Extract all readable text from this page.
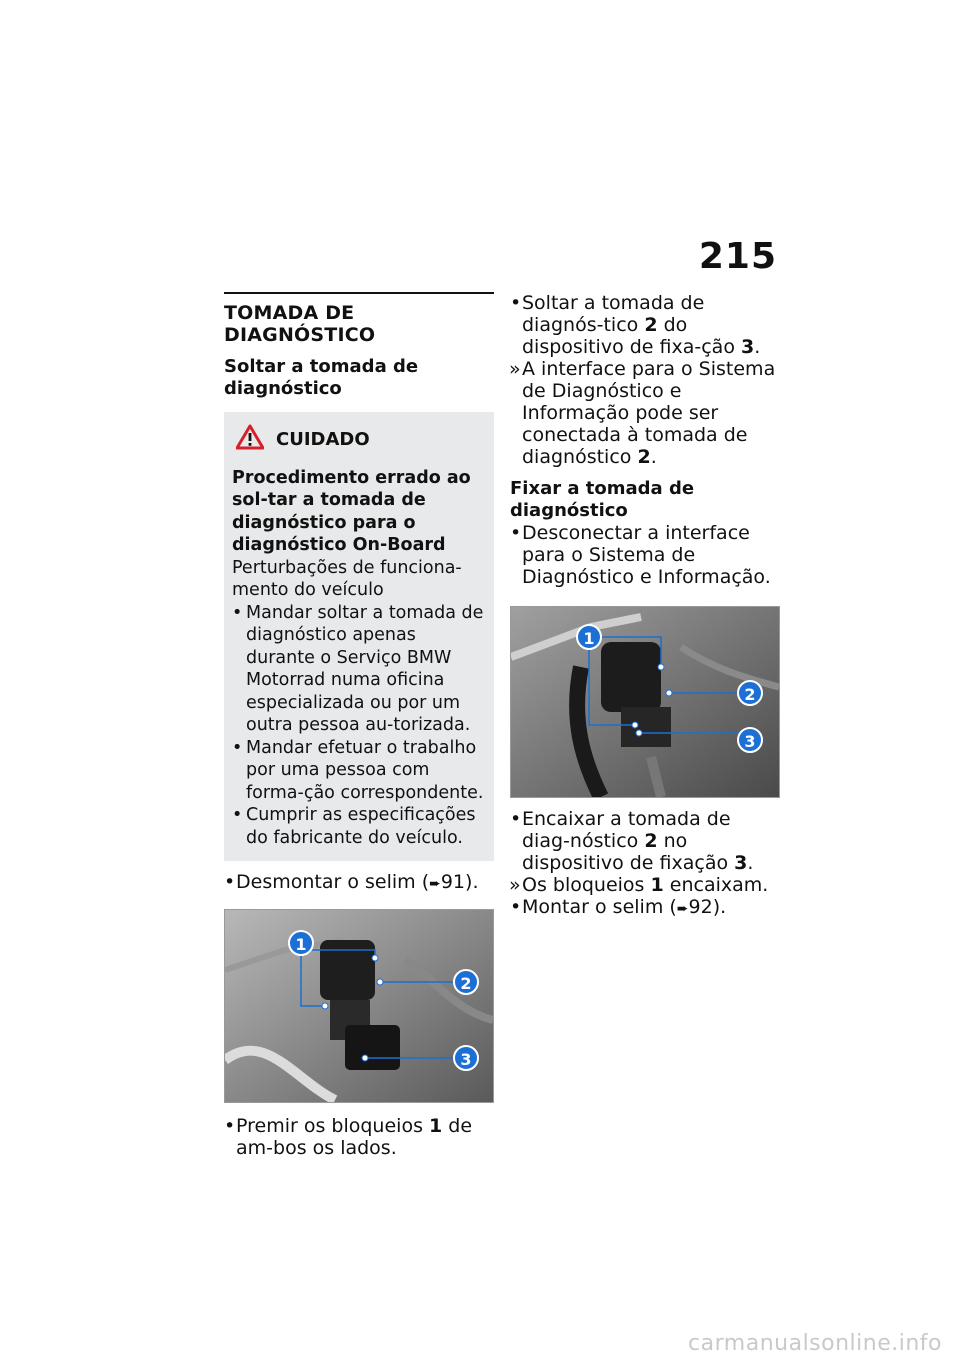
215
TOMADA DE DIAGNÓSTICO
Soltar a tomada de diagnóstico
CUIDADO
Procedimento errado ao sol-tar a tomada de diagnóstico para o diagnóstico On-Board
Perturbações de funciona-mento do veículo
• Mandar soltar a tomada de diagnóstico apenas durante o Serviço BMW Motorrad numa oficina especializada ou por um outra pessoa au-torizada.
• Mandar efetuar o trabalho por uma pessoa com forma-ção correspondente.
• Cumprir as especificações do fabricante do veículo.
• Desmontar o selim (➨91).
1
2
3
• Premir os bloqueios 1 de am-bos os lados.
• Soltar a tomada de diagnós-tico 2 do dispositivo de fixa-ção 3.
» A interface para o Sistema de Diagnóstico e Informação pode ser conectada à tomada de diagnóstico 2.
Fixar a tomada de diagnóstico
• Desconectar a interface para o Sistema de Diagnóstico e Informação.
1
2
3
• Encaixar a tomada de diag-nóstico 2 no dispositivo de fixação 3.
» Os bloqueios 1 encaixam.
• Montar o selim (➨92).
carmanualsonline.info
